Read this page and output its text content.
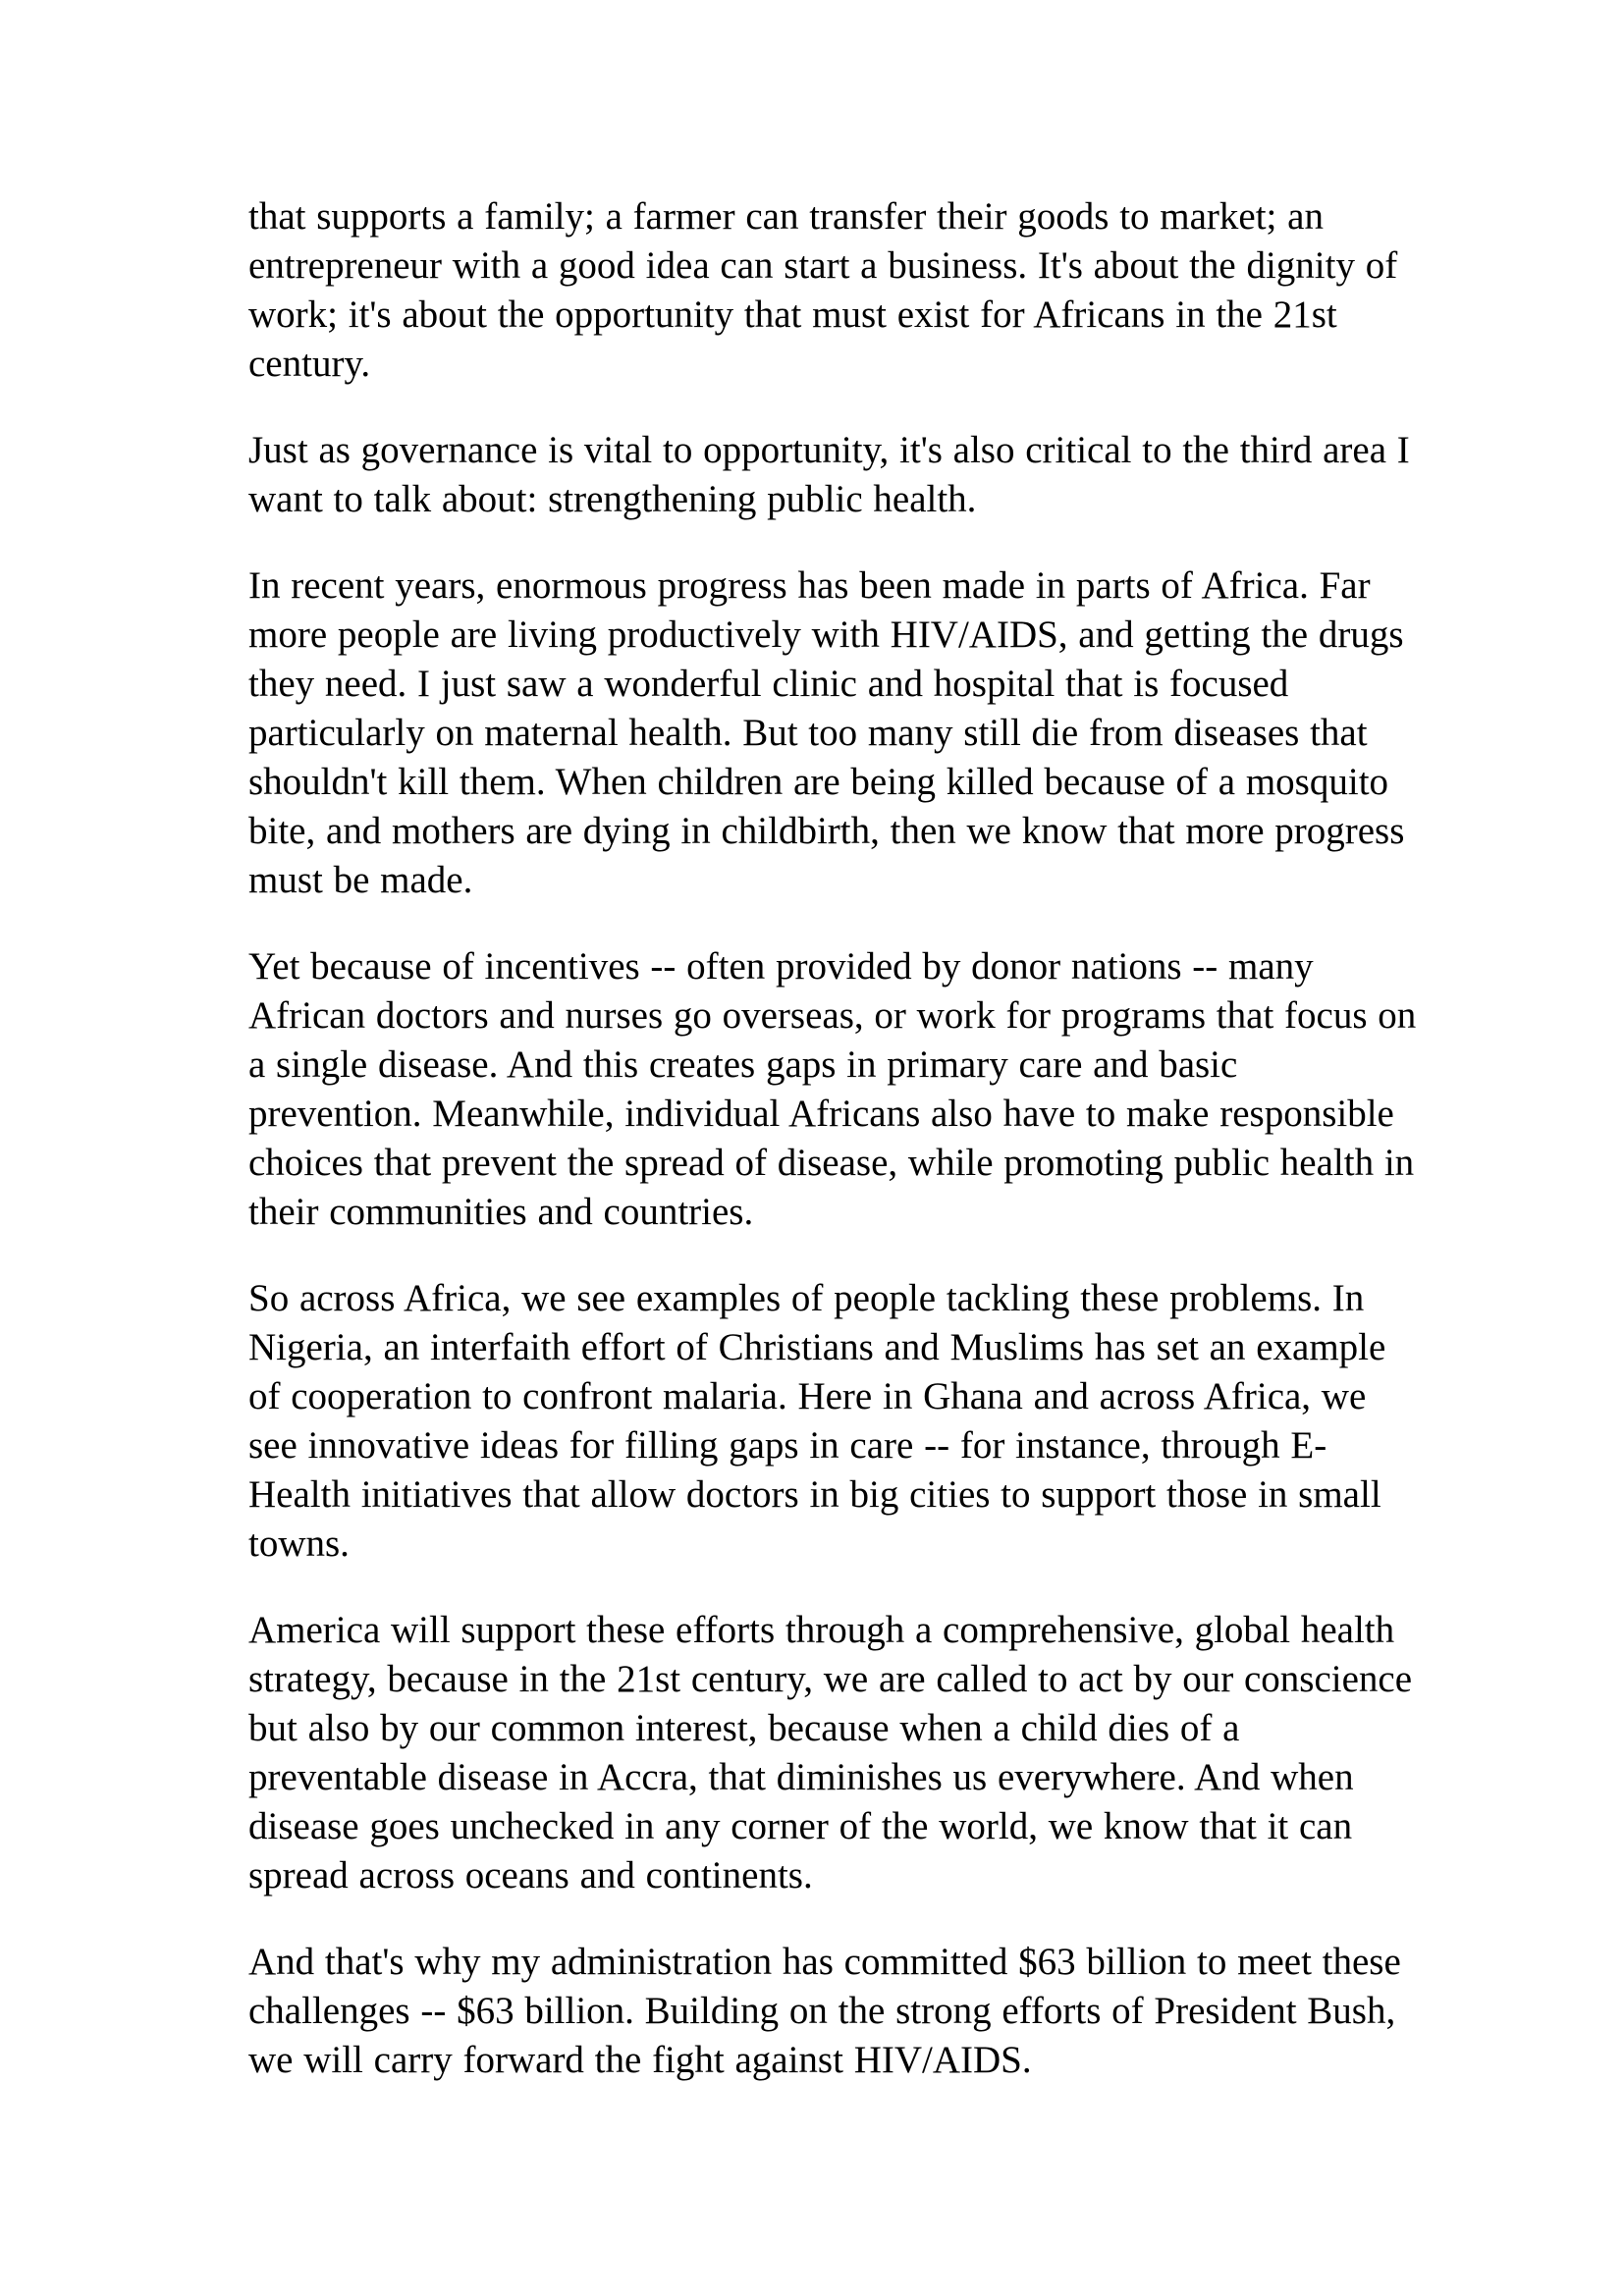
that supports a family; a farmer can transfer their goods to market; an entrepreneur with a good idea can start a business. It's about the dignity of work; it's about the opportunity that must exist for Africans in the 21st century.

Just as governance is vital to opportunity, it's also critical to the third area I want to talk about: strengthening public health.

In recent years, enormous progress has been made in parts of Africa. Far more people are living productively with HIV/AIDS, and getting the drugs they need. I just saw a wonderful clinic and hospital that is focused particularly on maternal health. But too many still die from diseases that shouldn't kill them. When children are being killed because of a mosquito bite, and mothers are dying in childbirth, then we know that more progress must be made.

Yet because of incentives -- often provided by donor nations -- many African doctors and nurses go overseas, or work for programs that focus on a single disease. And this creates gaps in primary care and basic prevention. Meanwhile, individual Africans also have to make responsible choices that prevent the spread of disease, while promoting public health in their communities and countries.

So across Africa, we see examples of people tackling these problems. In Nigeria, an interfaith effort of Christians and Muslims has set an example of cooperation to confront malaria. Here in Ghana and across Africa, we see innovative ideas for filling gaps in care -- for instance, through E-Health initiatives that allow doctors in big cities to support those in small towns.

America will support these efforts through a comprehensive, global health strategy, because in the 21st century, we are called to act by our conscience but also by our common interest, because when a child dies of a preventable disease in Accra, that diminishes us everywhere. And when disease goes unchecked in any corner of the world, we know that it can spread across oceans and continents.

And that's why my administration has committed $63 billion to meet these challenges -- $63 billion. Building on the strong efforts of President Bush, we will carry forward the fight against HIV/AIDS.
